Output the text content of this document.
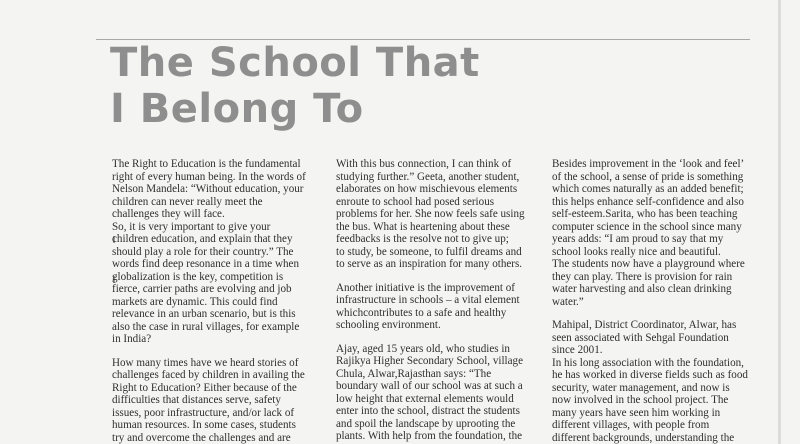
The School That
I Belong To

The Right to Education is the fundamental
right of every human being. In the words of
Nelson Mandela: “Without education, your
children can never really meet the
challenges they will face.
So, it is very important to give your
children education, and explain that they
should play a role for their country.” The
words find deep resonance in a time when
globalization is the key, competition is
fierce, carrier paths are evolving and job
markets are dynamic. This could find
relevance in an urban scenario, but is this
also the case in rural villages, for example
in India?

How many times have we heard stories of
challenges faced by children in availing the
Right to Education? Either because of the
difficulties that distances serve, safety
issues, poor infrastructure, and/or lack of
human resources. In some cases, students
try and overcome the challenges and are

With this bus connection, I can think of
studying further.” Geeta, another student,
elaborates on how mischievous elements
enroute to school had posed serious
problems for her. She now feels safe using
the bus. What is heartening about these
feedbacks is the resolve not to give up;
to study, be someone, to fulfil dreams and
to serve as an inspiration for many others.

Another initiative is the improvement of
infrastructure in schools – a vital element
whichcontributes to a safe and healthy
schooling environment.

Ajay, aged 15 years old, who studies in
Rajikya Higher Secondary School, village
Chula, Alwar,Rajasthan says: “The
boundary wall of our school was at such a
low height that external elements would
enter into the school, distract the students
and spoil the landscape by uprooting the
plants. With help from the foundation, the

Besides improvement in the ‘look and feel’
of the school, a sense of pride is something
which comes naturally as an added benefit;
this helps enhance self-confidence and also
self-esteem.Sarita, who has been teaching
computer science in the school since many
years adds: “I am proud to say that my
school looks really nice and beautiful.
The students now have a playground where
they can play. There is provision for rain
water harvesting and also clean drinking
water.”

Mahipal, District Coordinator, Alwar, has
seen associated with Sehgal Foundation
since 2001.
In his long association with the foundation,
he has worked in diverse fields such as food
security, water management, and now is
now involved in the school project. The
many years have seen him working in
different villages, with people from
different backgrounds, understanding the
